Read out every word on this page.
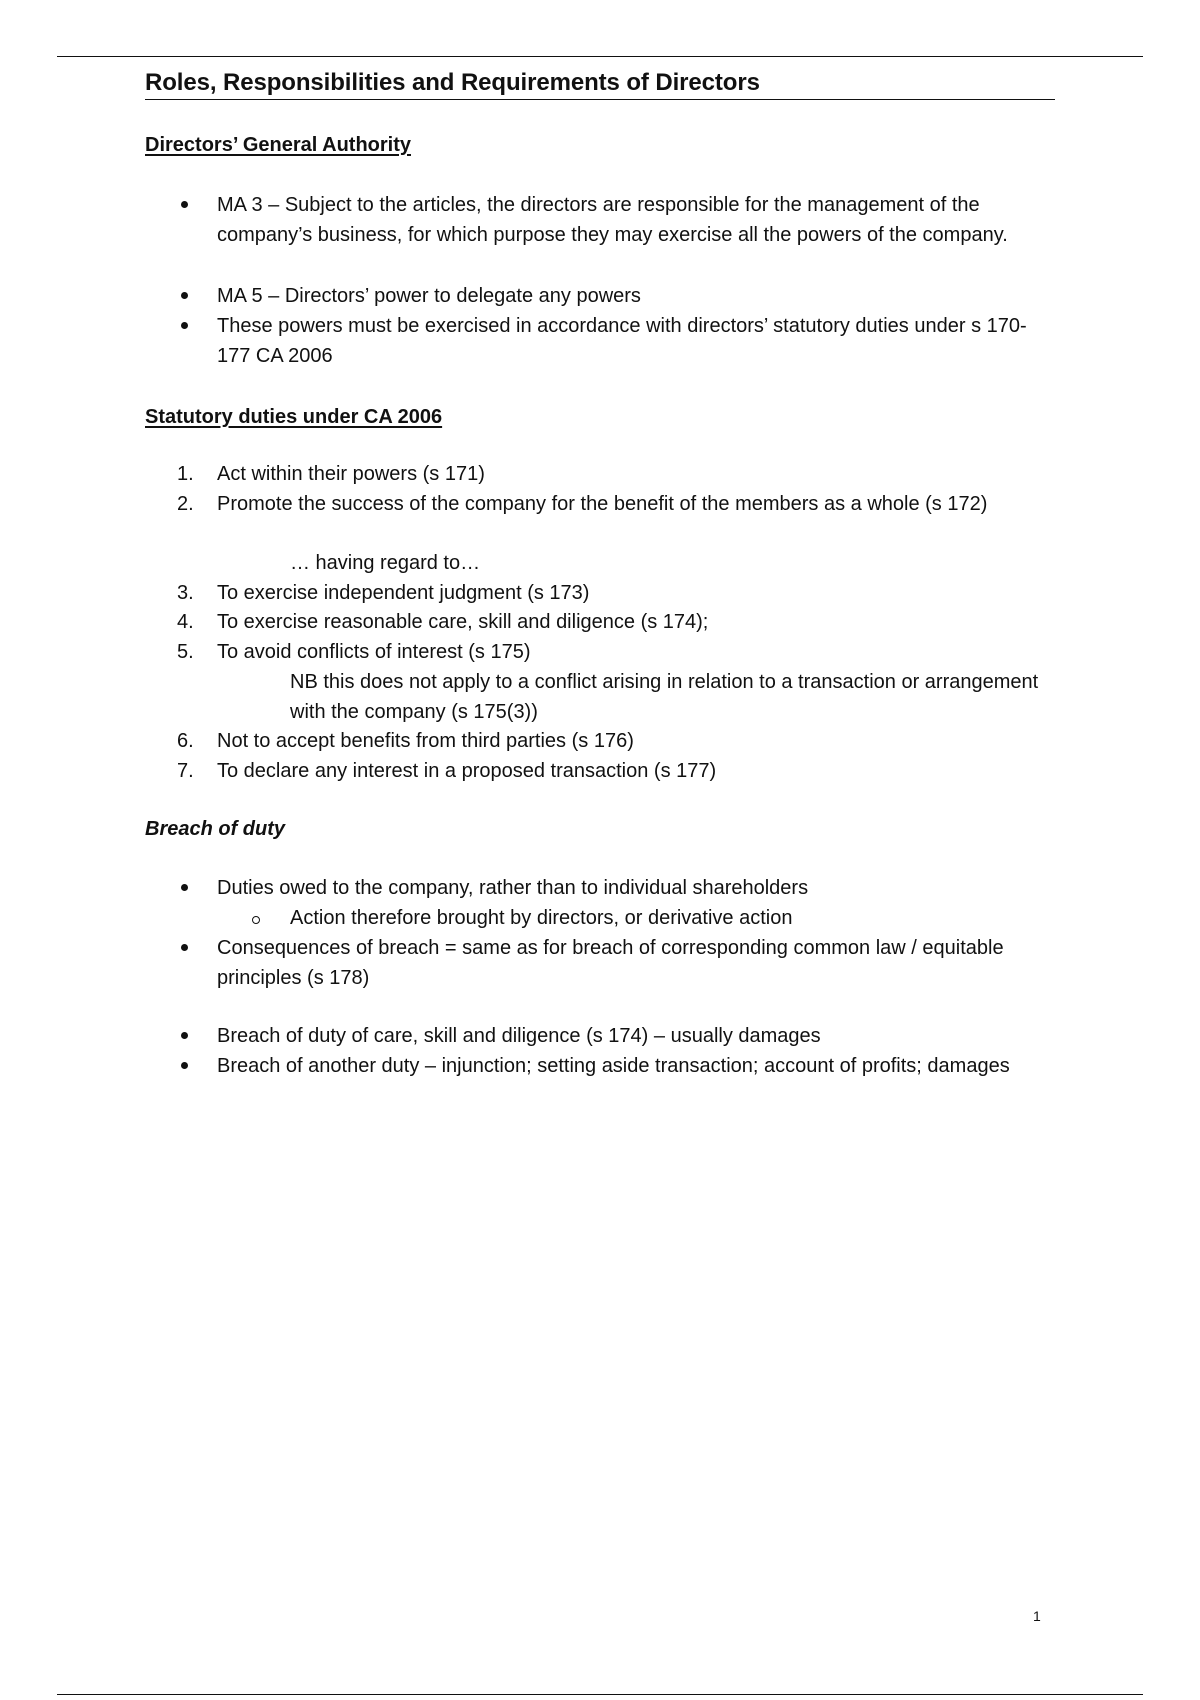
Roles, Responsibilities and Requirements of Directors
Directors’ General Authority
MA 3 – Subject to the articles, the directors are responsible for the management of the company’s business, for which purpose they may exercise all the powers of the company.
MA 5 – Directors’ power to delegate any powers
These powers must be exercised in accordance with directors’ statutory duties under s 170-177 CA 2006
Statutory duties under CA 2006
1.	Act within their powers (s 171)
2.	Promote the success of the company for the benefit of the members as a whole (s 172)
… having regard to…
3.	To exercise independent judgment (s 173)
4.	To exercise reasonable care, skill and diligence (s 174);
5.	To avoid conflicts of interest (s 175)
NB this does not apply to a conflict arising in relation to a transaction or arrangement with the company (s 175(3))
6.	Not to accept benefits from third parties (s 176)
7.	To declare any interest in a proposed transaction (s 177)
Breach of duty
Duties owed to the company, rather than to individual shareholders
Action therefore brought by directors, or derivative action
Consequences of breach = same as for breach of corresponding common law / equitable principles (s 178)
Breach of duty of care, skill and diligence (s 174) – usually damages
Breach of another duty – injunction; setting aside transaction; account of profits; damages
1
